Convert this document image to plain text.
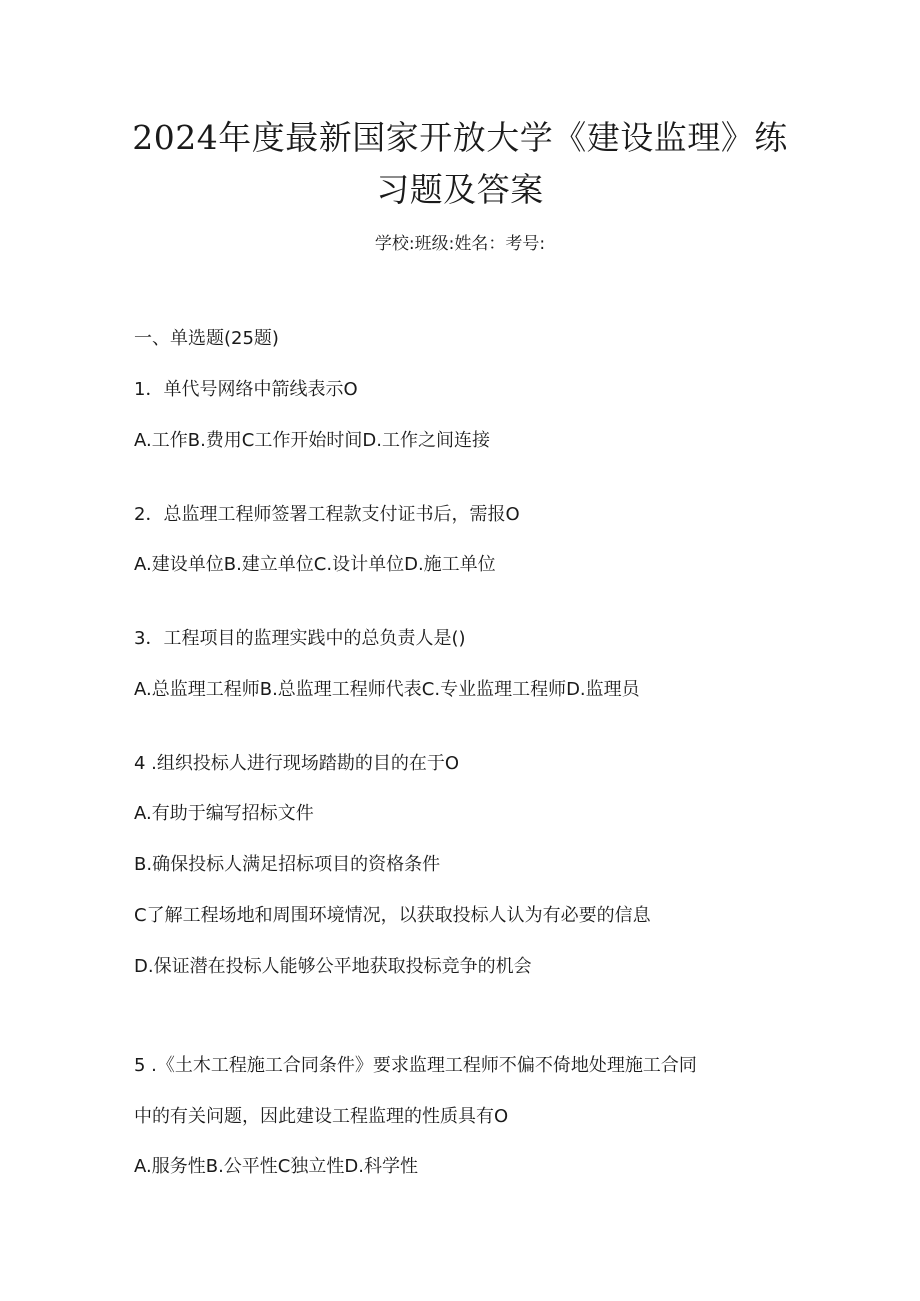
2024年度最新国家开放大学《建设监理》练
习题及答案
学校:班级:姓名：考号:
一、单选题(25题)
1．单代号网络中箭线表示O
A.工作B.费用C工作开始时间D.工作之间连接
2．总监理工程师签署工程款支付证书后，需报O
A.建设单位B.建立单位C.设计单位D.施工单位
3．工程项目的监理实践中的总负责人是()
A.总监理工程师B.总监理工程师代表C.专业监理工程师D.监理员
4 .组织投标人进行现场踏勘的目的在于O
A.有助于编写招标文件
B.确保投标人满足招标项目的资格条件
C了解工程场地和周围环境情况，以获取投标人认为有必要的信息
D.保证潜在投标人能够公平地获取投标竞争的机会
5 .《土木工程施工合同条件》要求监理工程师不偏不倚地处理施工合同
中的有关问题，因此建设工程监理的性质具有O
A.服务性B.公平性C独立性D.科学性
